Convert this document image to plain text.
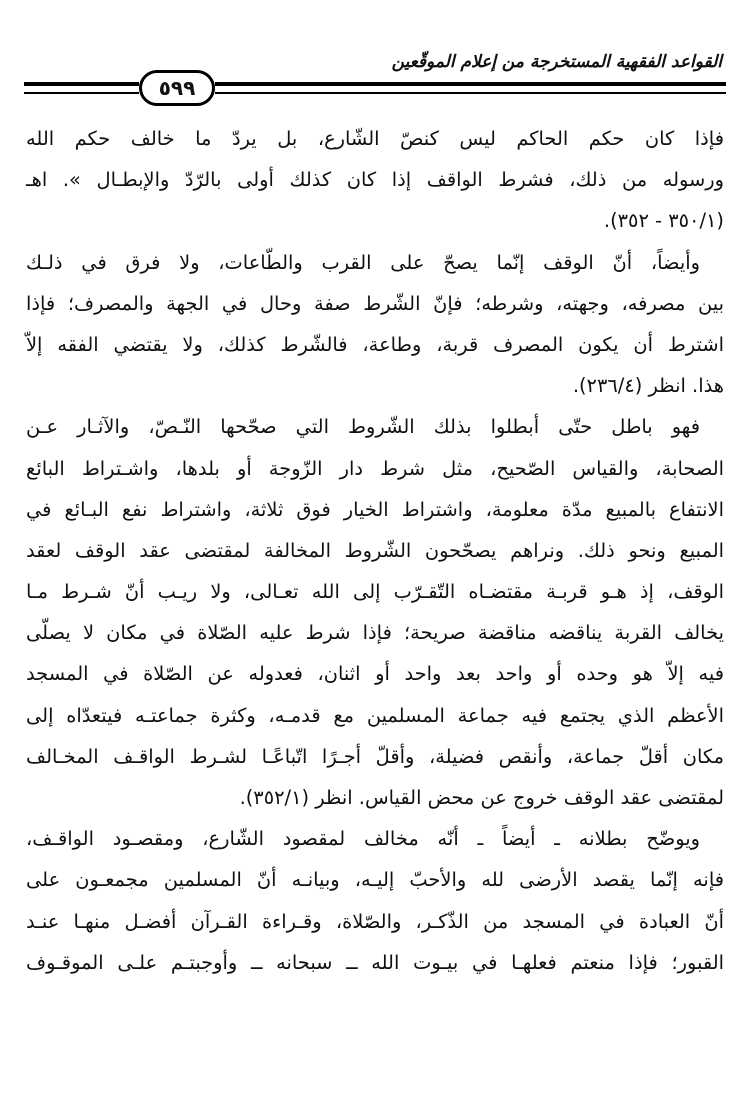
القواعد الفقهية المستخرجة من إعلام الموقّعين
٥٩٩
فإذا كان حكم الحاكم ليس كنصّ الشّارع، بل يردّ ما خالف حكم الله
ورسوله من ذلك، فشرط الواقف إذا كان كذلك أولى بالرّدّ والإبطـال ». اهـ
(٣٥٠/١ - ٣٥٢).
وأيضاً، أنّ الوقف إنّما يصحّ على القرب والطّاعات، ولا فرق في ذلـك
بين مصرفه، وجهته، وشرطه؛ فإنّ الشّرط صفة وحال في الجهة والمصرف؛ فإذا
اشترط أن يكون المصرف قربة، وطاعة، فالشّرط كذلك، ولا يقتضي الفقه إلاّ
هذا. انظر (٢٣٦/٤).
فهو باطل حتّى أبطلوا بذلك الشّروط التي صحّحها النّـصّ، والآثـار عـن
الصحابة، والقياس الصّحيح، مثل شرط دار الزّوجة أو بلدها، واشـتراط البائع
الانتفاع بالمبيع مدّة معلومة، واشتراط الخيار فوق ثلاثة، واشتراط نفع البـائع في
المبيع ونحو ذلك. ونراهم يصحّحون الشّروط المخالفة لمقتضى عقد الوقف لعقد
الوقف، إذ هـو قربـة مقتضـاه التّقـرّب إلى الله تعـالى، ولا ريـب أنّ شـرط مـا
يخالف القربة يناقضه مناقضة صريحة؛ فإذا شرط عليه الصّلاة في مكان لا يصلّى
فيه إلاّ هو وحده أو واحد بعد واحد أو اثنان، فعدوله عن الصّلاة في المسجد
الأعظم الذي يجتمع فيه جماعة المسلمين مع قدمـه، وكثرة جماعتـه فيتعدّاه إلى
مكان أقلّ جماعة، وأنقص فضيلة، وأقلّ أجـرًا اتّباعًـا لشـرط الواقـف المخـالف
لمقتضى عقد الوقف خروج عن محض القياس. انظر (٣٥٢/١).
ويوضّح بطلانه ـ أيضاً ـ أنّه مخالف لمقصود الشّارع، ومقصـود الواقـف،
فإنه إنّما يقصد الأرضى لله والأحبّ إليـه، وبيانـه أنّ المسلمين مجمعـون على
أنّ العبادة في المسجد من الذّكـر، والصّلاة، وقـراءة القـرآن أفضـل منهـا عنـد
القبور؛ فإذا منعتم فعلهـا في بيـوت الله ــ سبحانه ــ وأوجبتـم علـى الموقـوف
